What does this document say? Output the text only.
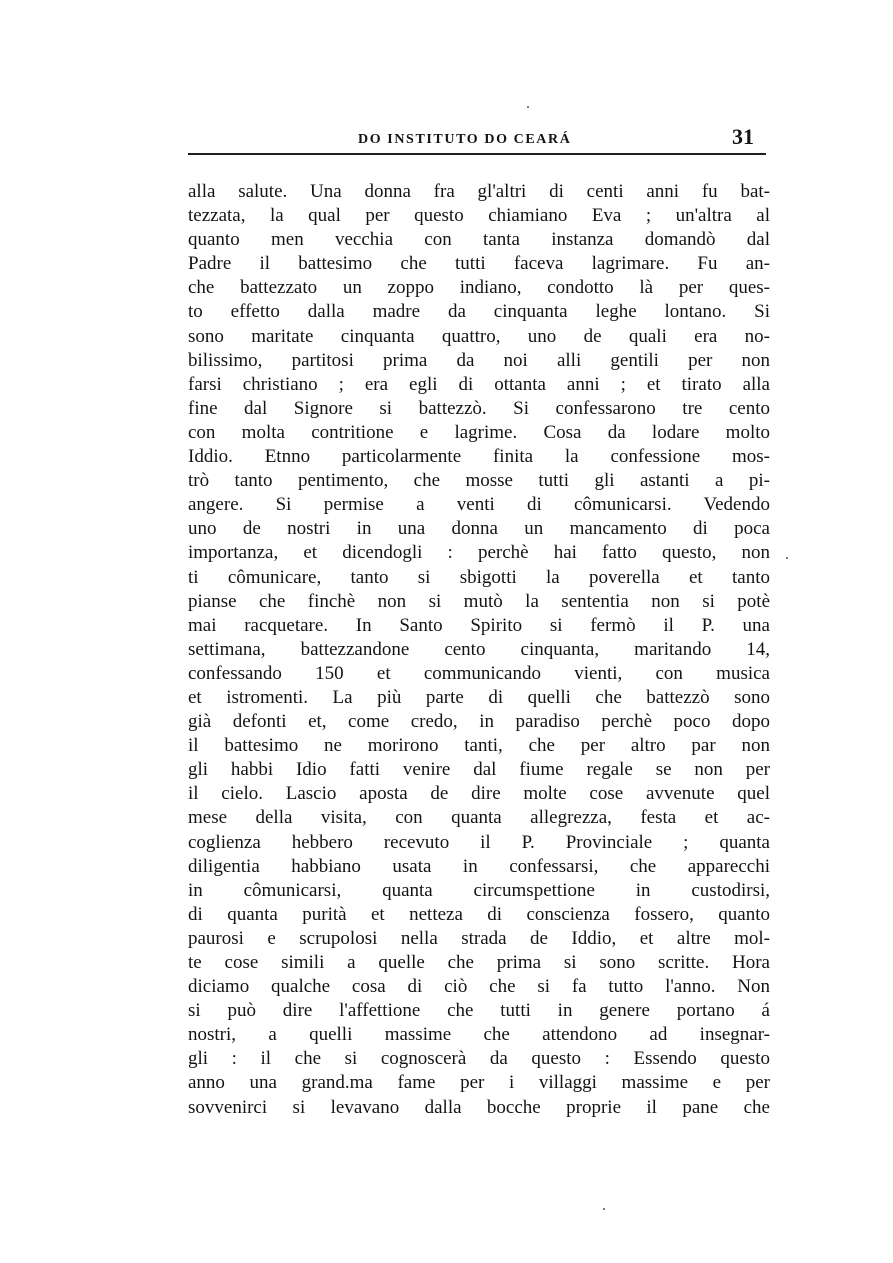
DO INSTITUTO DO CEARÁ	31
alla salute. Una donna fra gl'altri di centi anni fu bat-
tezzata, la qual per questo chiamiano Eva ; un'altra al
quanto men vecchia con tanta instanza domandò dal
Padre il battesimo che tutti faceva lagrimare. Fu an-
che battezzato un zoppo indiano, condotto là per ques-
to effetto dalla madre da cinquanta leghe lontano. Si
sono maritate cinquanta quattro, uno de quali era no-
bilissimo, partitosi prima da noi alli gentili per non
farsi christiano ; era egli di ottanta anni ; et tirato alla
fine dal Signore si battezzò. Si confessarono tre cento
con molta contritione e lagrime. Cosa da lodare molto
Iddio. Etnno particolarmente finita la confessione mos-
trò tanto pentimento, che mosse tutti gli astanti a pi-
angere. Si permise a venti di cômunicarsi. Vedendo
uno de nostri in una donna un mancamento di poca
importanza, et dicendogli : perchè hai fatto questo, non
ti cômunicare, tanto si sbigotti la poverella et tanto
pianse che finchè non si mutò la sententia non si potè
mai racquetare. In Santo Spirito si fermò il P. una
settimana, battezzandone cento cinquanta, maritando 14,
confessando 150 et communicando vienti, con musica
et istromenti. La più parte di quelli che battezzò sono
già defonti et, come credo, in paradiso perchè poco dopo
il battesimo ne morirono tanti, che per altro par non
gli habbi Idio fatti venire dal fiume regale se non per
il cielo. Lascio aposta de dire molte cose avvenute quel
mese della visita, con quanta allegrezza, festa et ac-
coglienza hebbero recevuto il P. Provinciale ; quanta
diligentia habbiano usata in confessarsi, che apparecchi
in cômunicarsi, quanta circumspettione in custodirsi,
di quanta purità et netteza di conscienza fossero, quanto
paurosi e scrupolosi nella strada de Iddio, et altre mol-
te cose simili a quelle che prima si sono scritte. Hora
diciamo qualche cosa di ciò che si fa tutto l'anno. Non
si può dire l'affettione che tutti in genere portano á
nostri, a quelli massime che attendono ad insegnar-
gli : il che si cognoscerà da questo : Essendo questo
anno una grand.ma fame per i villaggi massime e per
sovvenirci si levavano dalla bocche proprie il pane che
